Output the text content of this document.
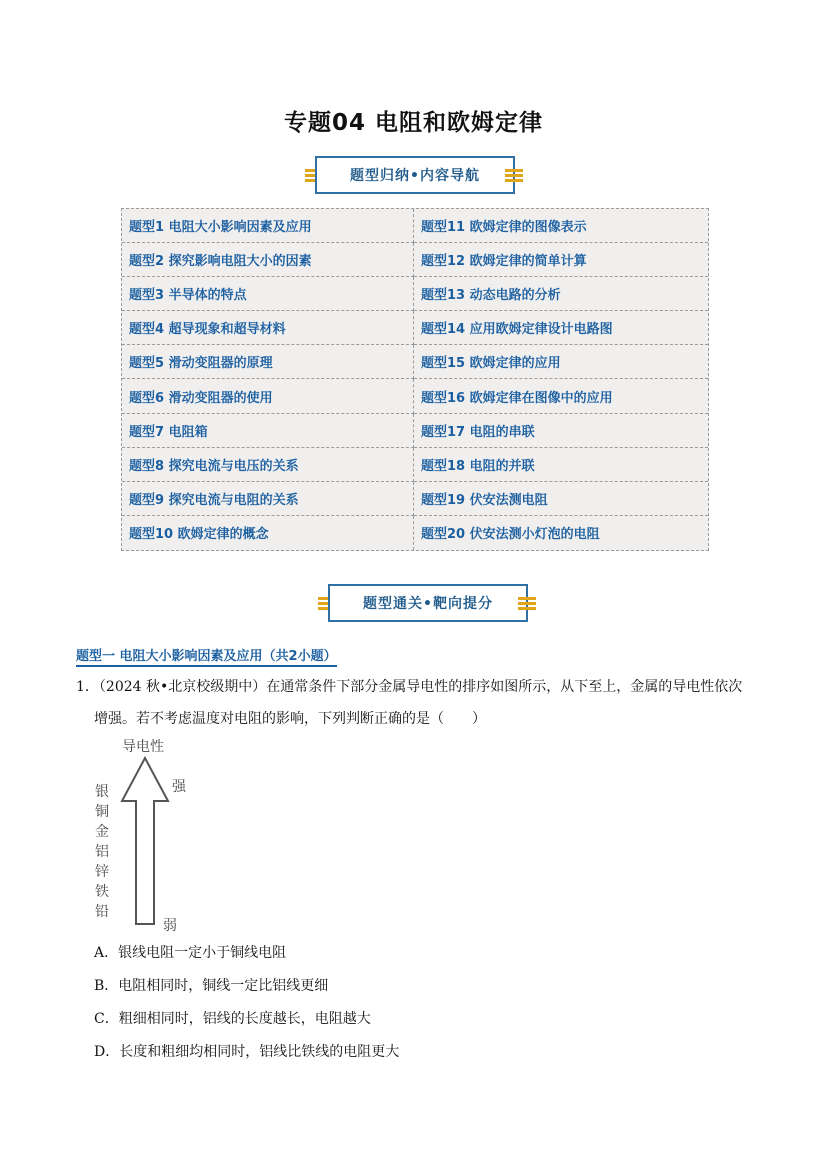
专题04 电阻和欧姆定律
题型归纳•内容导航
题型1 电阻大小影响因素及应用	题型11 欧姆定律的图像表示
题型2 探究影响电阻大小的因素	题型12 欧姆定律的简单计算
题型3 半导体的特点	题型13 动态电路的分析
题型4 超导现象和超导材料	题型14 应用欧姆定律设计电路图
题型5 滑动变阻器的原理	题型15 欧姆定律的应用
题型6 滑动变阻器的使用	题型16 欧姆定律在图像中的应用
题型7 电阻箱	题型17 电阻的串联
题型8 探究电流与电压的关系	题型18 电阻的并联
题型9 探究电流与电阻的关系	题型19 伏安法测电阻
题型10 欧姆定律的概念	题型20 伏安法测小灯泡的电阻
题型通关•靶向提分
题型一 电阻大小影响因素及应用（共2小题）
1．（2024 秋•北京校级期中）在通常条件下部分金属导电性的排序如图所示，从下至上，金属的导电性依次
增强。若不考虑温度对电阻的影响，下列判断正确的是（　　）
导电性
强
弱
银
铜
金
铝
锌
铁
铅
A．银线电阻一定小于铜线电阻
B．电阻相同时，铜线一定比铝线更细
C．粗细相同时，铝线的长度越长，电阻越大
D．长度和粗细均相同时，铝线比铁线的电阻更大
